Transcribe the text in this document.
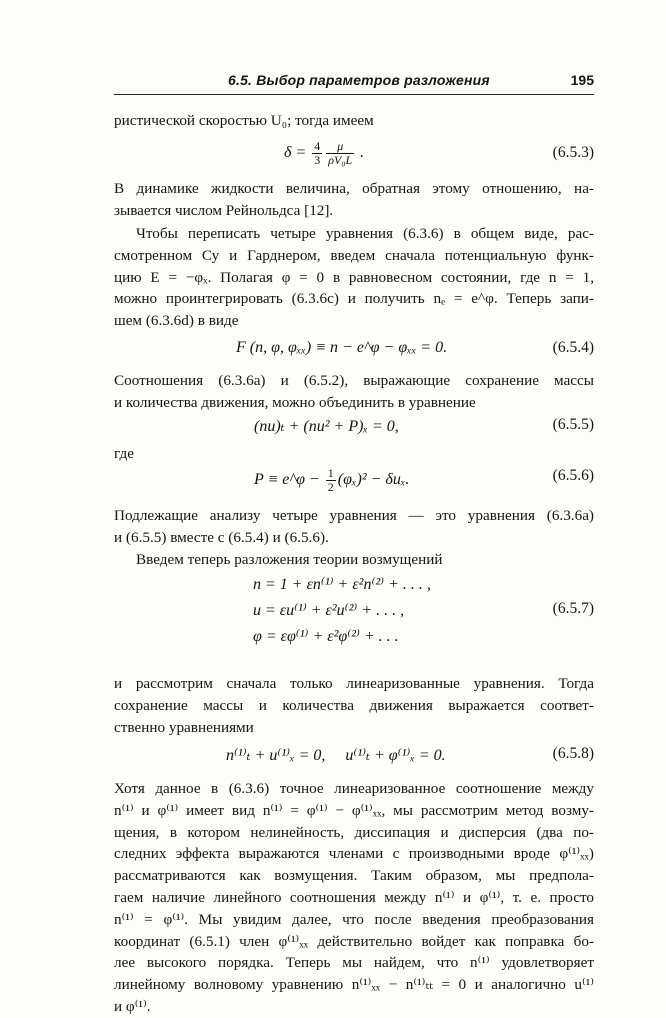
6.5. Выбор параметров разложения	195
ристической скоростью U₀; тогда имеем
$\delta = \frac{4}{3} \frac{\mu}{\text{ρV₀L}}$ .	(6.5.3)
В динамике жидкости величина, обратная этому отношению, на-
зывается числом Рейнольдса [12].
Чтобы переписать четыре уравнения (6.3.6) в общем виде, рас-
смотренном Су и Гарднером, введем сначала потенциальную функ-
цию E = −φₓ. Полагая φ = 0 в равновесном состоянии, где n = 1,
можно проинтегрировать (6.3.6с) и получить nₑ = e^φ. Теперь запи-
шем (6.3.6d) в виде
F (n, φ, φₓₓ) ≡ n − e^φ − φₓₓ = 0.	(6.5.4)
Соотношения (6.3.6а) и (6.5.2), выражающие сохранение массы
и количества движения, можно объединить в уравнение
(nu)ₜ + (nu² + P)ₓ = 0,	(6.5.5)
где
P ≡ e^φ − $\frac{1}{2} (\varphi_x)^2 - \delta u_x$.	(6.5.6)
Подлежащие анализу четыре уравнения — это уравнения (6.3.6а)
и (6.5.5) вместе с (6.5.4) и (6.5.6).
Введем теперь разложения теории возмущений
n = 1 + εn⁽¹⁾ + ε²n⁽²⁾ + . . . ,
u = εu⁽¹⁾ + ε²u⁽²⁾ + . . . ,
φ = εφ⁽¹⁾ + ε²φ⁽²⁾ + . . .
(6.5.7)
и рассмотрим сначала только линеаризованные уравнения. Тогда
сохранение массы и количества движения выражается соответ-
ственно уравнениями
n⁽¹⁾ₜ + u⁽¹⁾ₓ = 0,     u⁽¹⁾ₜ + φ⁽¹⁾ₓ = 0.	(6.5.8)
Хотя данное в (6.3.6) точное линеаризованное соотношение между
n⁽¹⁾ и φ⁽¹⁾ имеет вид n⁽¹⁾ = φ⁽¹⁾ − φ⁽¹⁾ₓₓ, мы рассмотрим метод возму-
щения, в котором нелинейность, диссипация и дисперсия (два по-
следних эффекта выражаются членами с производными вроде φ⁽¹⁾ₓₓ)
рассматриваются как возмущения. Таким образом, мы предпола-
гаем наличие линейного соотношения между n⁽¹⁾ и φ⁽¹⁾, т. е. просто
n⁽¹⁾ = φ⁽¹⁾. Мы увидим далее, что после введения преобразования
координат (6.5.1) член φ⁽¹⁾ₓₓ действительно войдет как поправка бо-
лее высокого порядка. Теперь мы найдем, что n⁽¹⁾ удовлетворяет
линейному волновому уравнению n⁽¹⁾ₓₓ − n⁽¹⁾ₜₜ = 0 и аналогично u⁽¹⁾
и φ⁽¹⁾.
